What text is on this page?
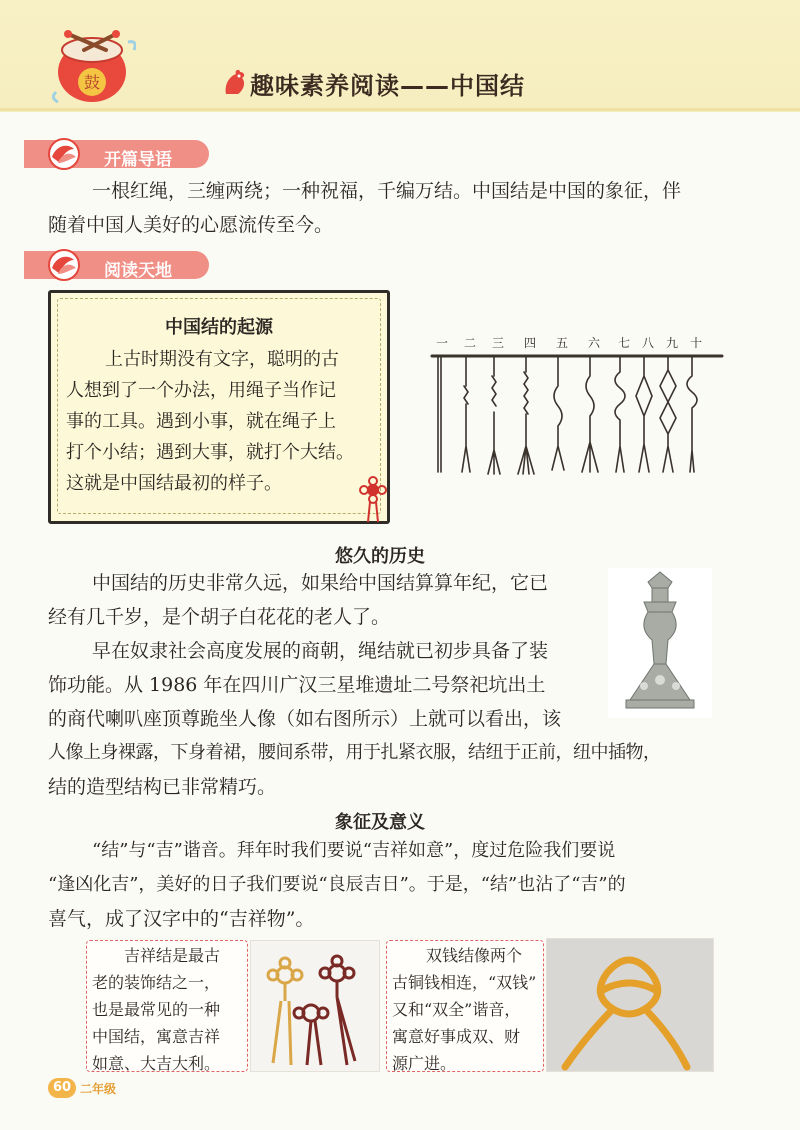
鼓	趣味素养阅读——中国结
开篇导语
一根红绳，三缠两绕；一种祝福，千编万结。中国结是中国的象征，伴
随着中国人美好的心愿流传至今。
阅读天地
中国结的起源
上古时期没有文字，聪明的古
人想到了一个办法，用绳子当作记
事的工具。遇到小事，就在绳子上
打个小结；遇到大事，就打个大结。
这就是中国结最初的样子。
一 二 三 四 五 六 七 八 九 十
悠久的历史
中国结的历史非常久远，如果给中国结算算年纪，它已
经有几千岁，是个胡子白花花的老人了。
早在奴隶社会高度发展的商朝，绳结就已初步具备了装
饰功能。从 1986 年在四川广汉三星堆遗址二号祭祀坑出土
的商代喇叭座顶尊跪坐人像（如右图所示）上就可以看出，该
人像上身裸露，下身着裙，腰间系带，用于扎紧衣服，结纽于正前，纽中插物，
结的造型结构已非常精巧。
象征及意义
“结”与“吉”谐音。拜年时我们要说“吉祥如意”，度过危险我们要说
“逢凶化吉”，美好的日子我们要说“良辰吉日”。于是，“结”也沾了“吉”的
喜气，成了汉字中的“吉祥物”。
吉祥结是最古
老的装饰结之一，
也是最常见的一种
中国结，寓意吉祥
如意、大吉大利。
双钱结像两个
古铜钱相连，“双钱”
又和“双全”谐音，
寓意好事成双、财
源广进。
60 二年级
